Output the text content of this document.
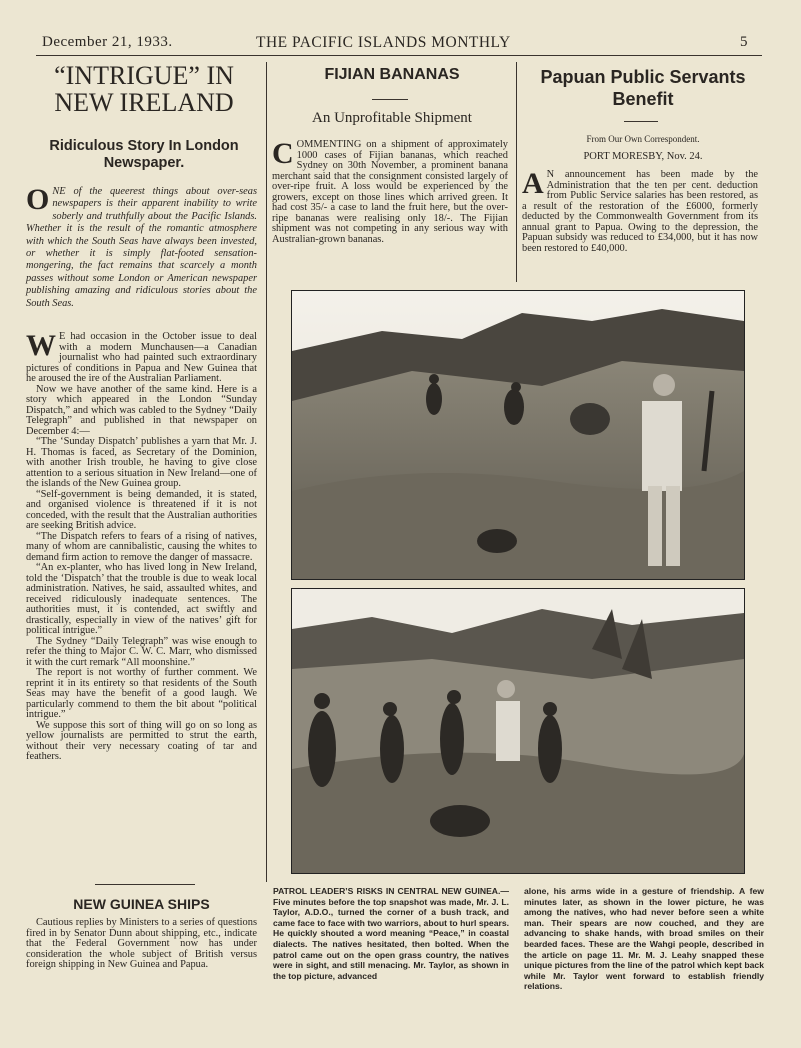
December 21, 1933.	THE PACIFIC ISLANDS MONTHLY	5
“INTRIGUE” IN
NEW IRELAND
Ridiculous Story In London
Newspaper.

ONE of the queerest things about over-seas newspapers is their apparent inability to write soberly and truthfully about the Pacific Islands. Whether it is the result of the romantic atmosphere with which the South Seas have always been invested, or whether it is simply flat-footed sensation-mongering, the fact remains that scarcely a month passes without some London or American newspaper publishing amazing and ridiculous stories about the South Seas.

W E had occasion in the October issue to deal with a modern Munchausen—a Canadian journalist who had painted such extraordinary pictures of conditions in Papua and New Guinea that he aroused the ire of the Australian Parliament.

Now we have another of the same kind. Here is a story which appeared in the London “Sunday Dispatch,” and which was cabled to the Sydney “Daily Telegraph” and published in that newspaper on December 4:—

“The ‘Sunday Dispatch’ publishes a yarn that Mr. J. H. Thomas is faced, as Secretary of the Dominion, with another Irish trouble, he having to give close attention to a serious situation in New Ireland—one of the islands of the New Guinea group.

“Self-government is being demanded, it is stated, and organised violence is threatened if it is not conceded, with the result that the Australian authorities are seeking British advice.

“The Dispatch refers to fears of a rising of natives, many of whom are cannibalistic, causing the whites to demand firm action to remove the danger of massacre.

“An ex-planter, who has lived long in New Ireland, told the ‘Dispatch’ that the trouble is due to weak local administration. Natives, he said, assaulted whites, and received ridiculously inadequate sentences. The authorities must, it is contended, act swiftly and drastically, especially in view of the natives’ gift for political intrigue.”

The Sydney “Daily Telegraph” was wise enough to refer the thing to Major C. W. C. Marr, who dismissed it with the curt remark “All moonshine.”

The report is not worthy of further comment. We reprint it in its entirety so that residents of the South Seas may have the benefit of a good laugh. We particularly commend to them the bit about “political intrigue.”

We suppose this sort of thing will go on so long as yellow journalists are permitted to strut the earth, without their very necessary coating of tar and feathers.

NEW GUINEA SHIPS

Cautious replies by Ministers to a series of questions fired in by Senator Dunn about shipping, etc., indicate that the Federal Government now has under consideration the whole subject of British versus foreign shipping in New Guinea and Papua.

FIJIAN BANANAS
An Unprofitable Shipment

COMMENTING on a shipment of approximately 1000 cases of Fijian bananas, which reached Sydney on 30th November, a prominent banana merchant said that the consignment consisted largely of over-ripe fruit. A loss would be experienced by the growers, except on those lines which arrived green. It had cost 35/- a case to land the fruit here, but the over-ripe bananas were realising only 18/-. The Fijian shipment was not competing in any serious way with Australian-grown bananas.

Papuan Public Servants
Benefit
From Our Own Correspondent.
PORT MORESBY, Nov. 24.

A N announcement has been made by the Administration that the ten per cent. deduction from Public Service salaries has been restored, as a result of the restoration of the £6000, formerly deducted by the Commonwealth Government from its annual grant to Papua. Owing to the depression, the Papuan subsidy was reduced to £34,000, but it has now been restored to £40,000.

PATROL LEADER’S RISKS IN CENTRAL NEW GUINEA.—Five minutes before the top snapshot was made, Mr. J. L. Taylor, A.D.O., turned the corner of a bush track, and came face to face with two warriors, about to hurl spears. He quickly shouted a word meaning “Peace,” in coastal dialects. The natives hesitated, then bolted. When the patrol came out on the open grass country, the natives were in sight, and still menacing. Mr. Taylor, as shown in the top picture, advanced
alone, his arms wide in a gesture of friendship. A few minutes later, as shown in the lower picture, he was among the natives, who had never before seen a white man. Their spears are now couched, and they are advancing to shake hands, with broad smiles on their bearded faces. These are the Wahgi people, described in the article on page 11. Mr. M. J. Leahy snapped these unique pictures from the line of the patrol which kept back while Mr. Taylor went forward to establish friendly relations.
